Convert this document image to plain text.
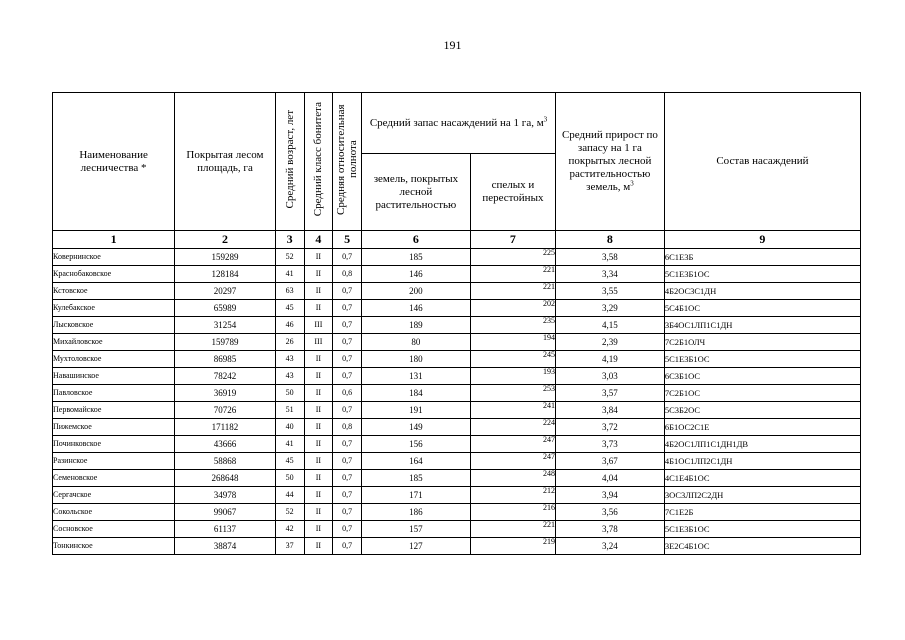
191
Наименование лесничества *	Покрытая лесом площадь, га	Средний возраст, лет	Средний класс бонитета	Средняя относительная полнота	Средний запас насаждений на 1 га, $м^3$		Средний прирост по запасу на 1 га покрытых лесной растительностью земель, $м^3$	Состав насаждений
					земель, покрытых лесной растительностью	спелых и перестойных		
1	2	3	4	5	6	7	8	9
Ковернинское	159289	52	II	0,7	185	225	3,58	6С1Е3Б
Краснобаковское	128184	41	II	0,8	146	221	3,34	5С1Е3Б1ОС
Кстовское	20297	63	II	0,7	200	221	3,55	4Б2ОС3С1ДН
Кулебакское	65989	45	II	0,7	146	202	3,29	5С4Б1ОС
Лысковское	31254	46	III	0,7	189	235	4,15	3Б4ОС1ЛП1С1ДН
Михайловское	159789	26	III	0,7	80	194	2,39	7С2Б1ОЛЧ
Мухтоловское	86985	43	II	0,7	180	245	4,19	5С1Е3Б1ОС
Навашинское	78242	43	II	0,7	131	193	3,03	6С3Б1ОС
Павловское	36919	50	II	0,6	184	253	3,57	7С2Б1ОС
Первомайское	70726	51	II	0,7	191	241	3,84	5С3Б2ОС
Пижемское	171182	40	II	0,8	149	224	3,72	6Б1ОС2С1Е
Починковское	43666	41	II	0,7	156	247	3,73	4Б2ОС1ЛП1С1ДН1ДВ
Разинское	58868	45	II	0,7	164	247	3,67	4Б1ОС1ЛП2С1ДН
Семеновское	268648	50	II	0,7	185	248	4,04	4С1Е4Б1ОС
Сергачское	34978	44	II	0,7	171	212	3,94	3ОС3ЛП2С2ДН
Сокольское	99067	52	II	0,7	186	216	3,56	7С1Е2Б
Сосновское	61137	42	II	0,7	157	221	3,78	5С1Е3Б1ОС
Тонкинское	38874	37	II	0,7	127	219	3,24	3Е2С4Б1ОС
